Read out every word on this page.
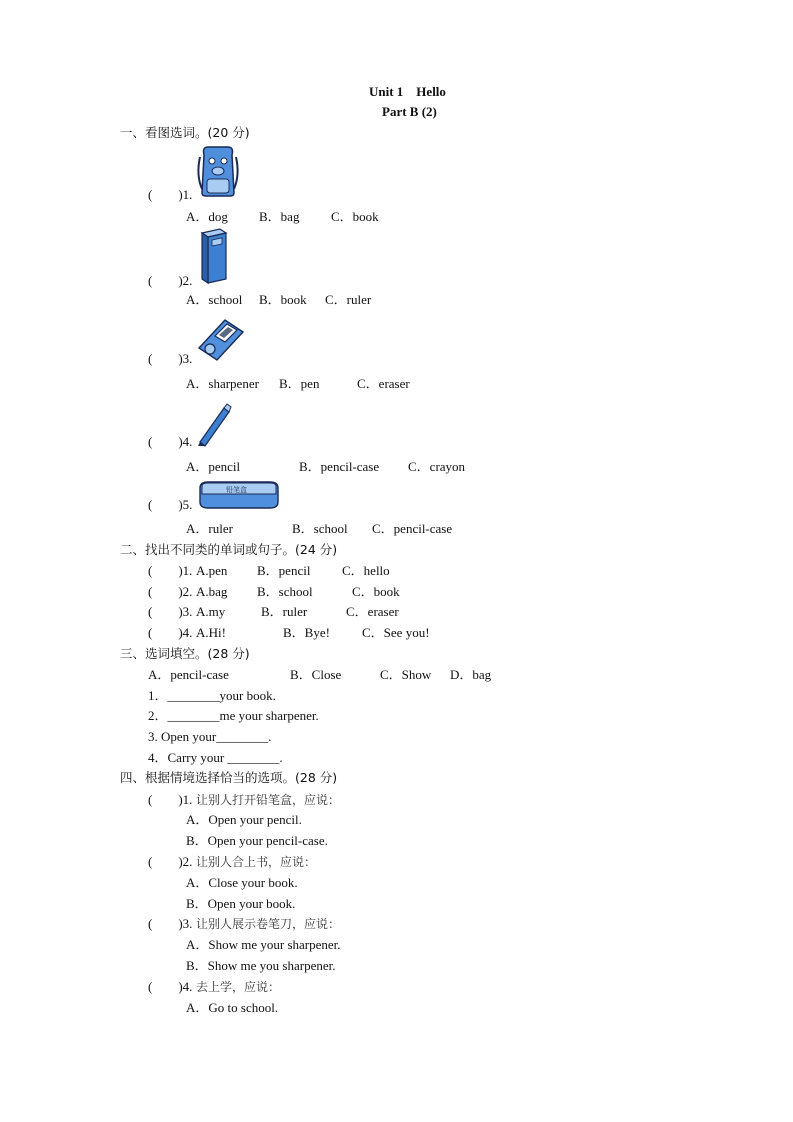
Unit 1　Hello
Part B (2)
一、看图选词。(20 分)
(　　)1.
A．dog B．bag C．book
(　　)2.
A．school B．book C．ruler
(　　)3.
A．sharpener B．pen	C．eraser
(　　)4.
A．pencil	B．pencil-case C．crayon
铅笔盒
(　　)5.
A．ruler	B．school C．pencil-case
二、找出不同类的单词或句子。(24 分)
(　　)1. A.pen B．pencil C．hello
(　　)2. A.bag B．school	C．book
(　　)3. A.my	B．ruler	C．eraser
(　　)4. A.Hi!	B．Bye! C．See you!
三、选词填空。(28 分)
A．pencil-case	B．Close	C．Show D．bag
1．________your book.
2．________me your sharpener.
3. Open your________.
4．Carry your ________.
四、根据情境选择恰当的选项。(28 分)
(　　)1. 让别人打开铅笔盒，应说：
A．Open your pencil.
B．Open your pencil-case.
(　　)2. 让别人合上书，应说：
A．Close your book.
B．Open your book.
(　　)3. 让别人展示卷笔刀，应说：
A．Show me your sharpener.
B．Show me you sharpener.
(　　)4. 去上学，应说：
A．Go to school.
